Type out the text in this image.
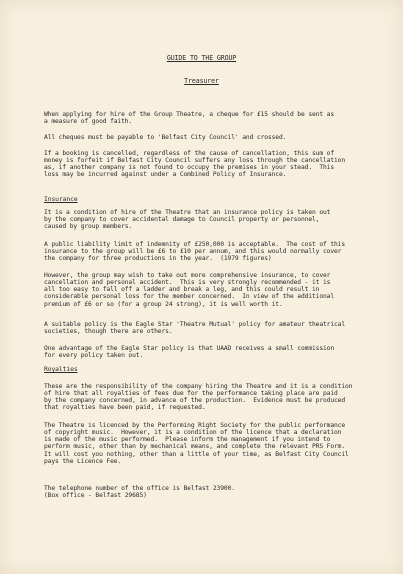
GUIDE TO THE GROUP
Treasurer
When applying for hire of the Group Theatre, a cheque for £15 should be sent as
a measure of good faith.
All cheques must be payable to 'Belfast City Council' and crossed.
If a booking is cancelled, regardless of the cause of cancellation, this sum of
money is forfeit if Belfast City Council suffers any loss through the cancellation
as, if another company is not found to occupy the premises in your stead.  This
loss may be incurred against under a Combined Policy of Insurance.
Insurance
It is a condition of hire of the Theatre that an insurance policy is taken out
by the company to cover accidental damage to Council property or personnel,
caused by group members.
A public liability limit of indemnity of £250,000 is acceptable.  The cost of this
insurance to the group will be £6 to £10 per annum, and this would normally cover
the company for three productions in the year.  (1979 figures)
However, the group may wish to take out more comprehensive insurance, to cover
cancellation and personal accident.  This is very strongly recommended - it is
all too easy to fall off a ladder and break a leg, and this could result in
considerable personal loss for the member concerned.  In view of the additional
premium of £6 or so (for a group 24 strong), it is well worth it.
A suitable policy is the Eagle Star 'Theatre Mutual' policy for amateur theatrical
societies, though there are others.
One advantage of the Eagle Star policy is that UAAD receives a small commission
for every policy taken out.
Royalties
These are the responsibility of the company hiring the Theatre and it is a condition
of hire that all royalties of fees due for the performance taking place are paid
by the company concerned, in advance of the production.  Evidence must be produced
that royalties have been paid, if requested.
The Theatre is licenced by the Performing Right Society for the public performance
of copyright music.  However, it is a condition of the licence that a declaration
is made of the music performed.  Please inform the management if you intend to
perform music, other than by mechanical means, and complete the relevant PRS Form.
It will cost you nothing, other than a little of your time, as Belfast City Council
pays the Licence Fee.
The telephone number of the office is Belfast 23900.
(Box office - Belfast 29685)
